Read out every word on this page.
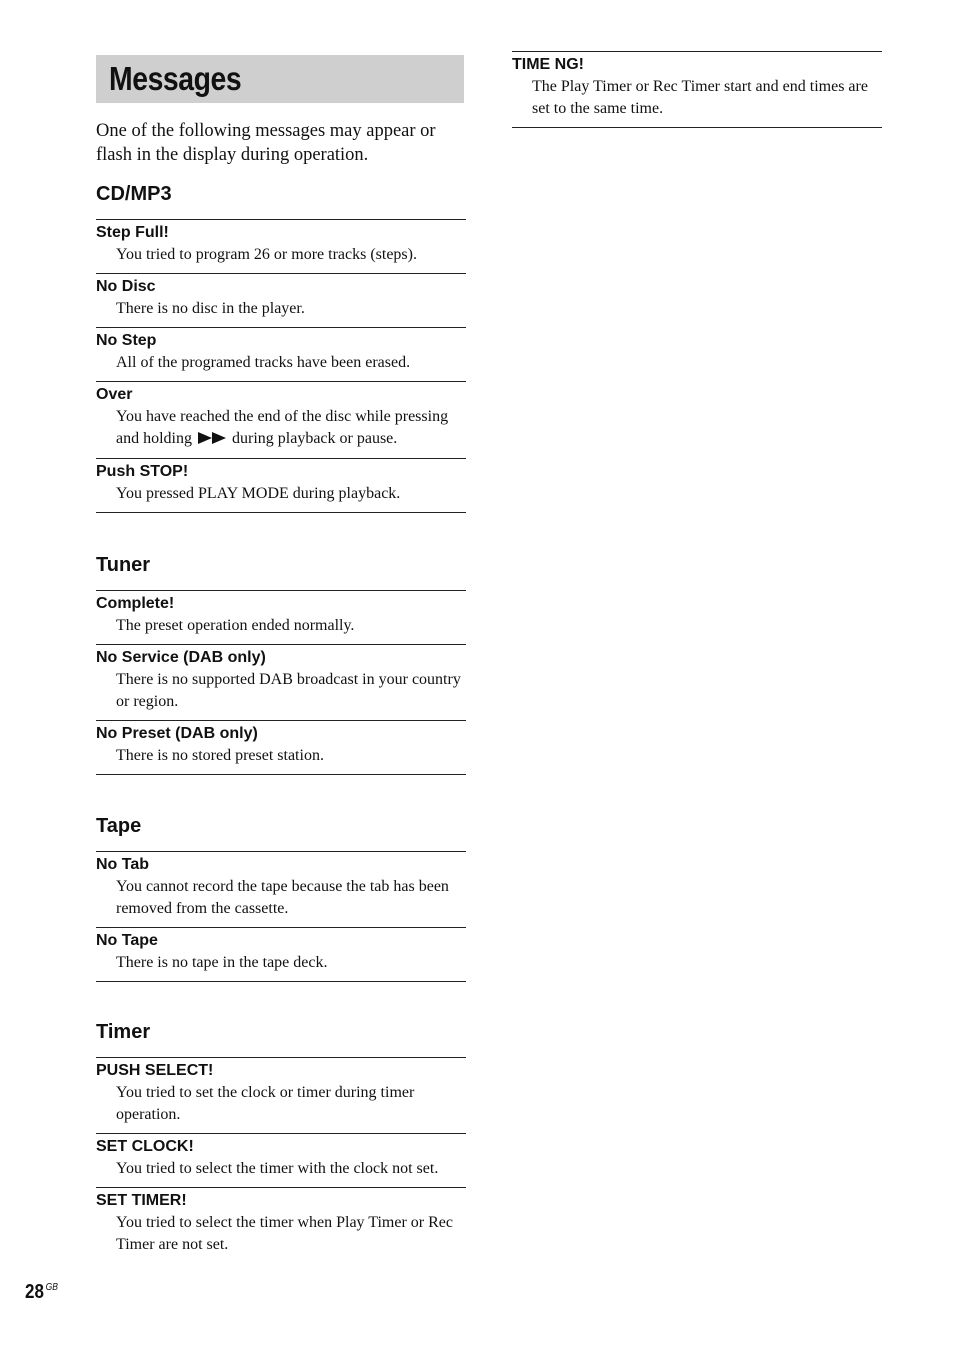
Messages

One of the following messages may appear or flash in the display during operation.

CD/MP3
Step Full!
You tried to program 26 or more tracks (steps).
No Disc
There is no disc in the player.
No Step
All of the programed tracks have been erased.
Over
You have reached the end of the disc while pressing and holding	during playback or pause.
Push STOP!
You pressed PLAY MODE during playback.
Tuner
Complete!
The preset operation ended normally.
No Service (DAB only)
There is no supported DAB broadcast in your country or region.
No Preset (DAB only)
There is no stored preset station.
Tape
No Tab
You cannot record the tape because the tab has been removed from the cassette.
No Tape
There is no tape in the tape deck.
Timer
PUSH SELECT!
You tried to set the clock or timer during timer operation.
SET CLOCK!
You tried to select the timer with the clock not set.
SET TIMER!
You tried to select the timer when Play Timer or Rec Timer are not set.
TIME NG!
The Play Timer or Rec Timer start and end times are set to the same time.
28 $^{GB}$
